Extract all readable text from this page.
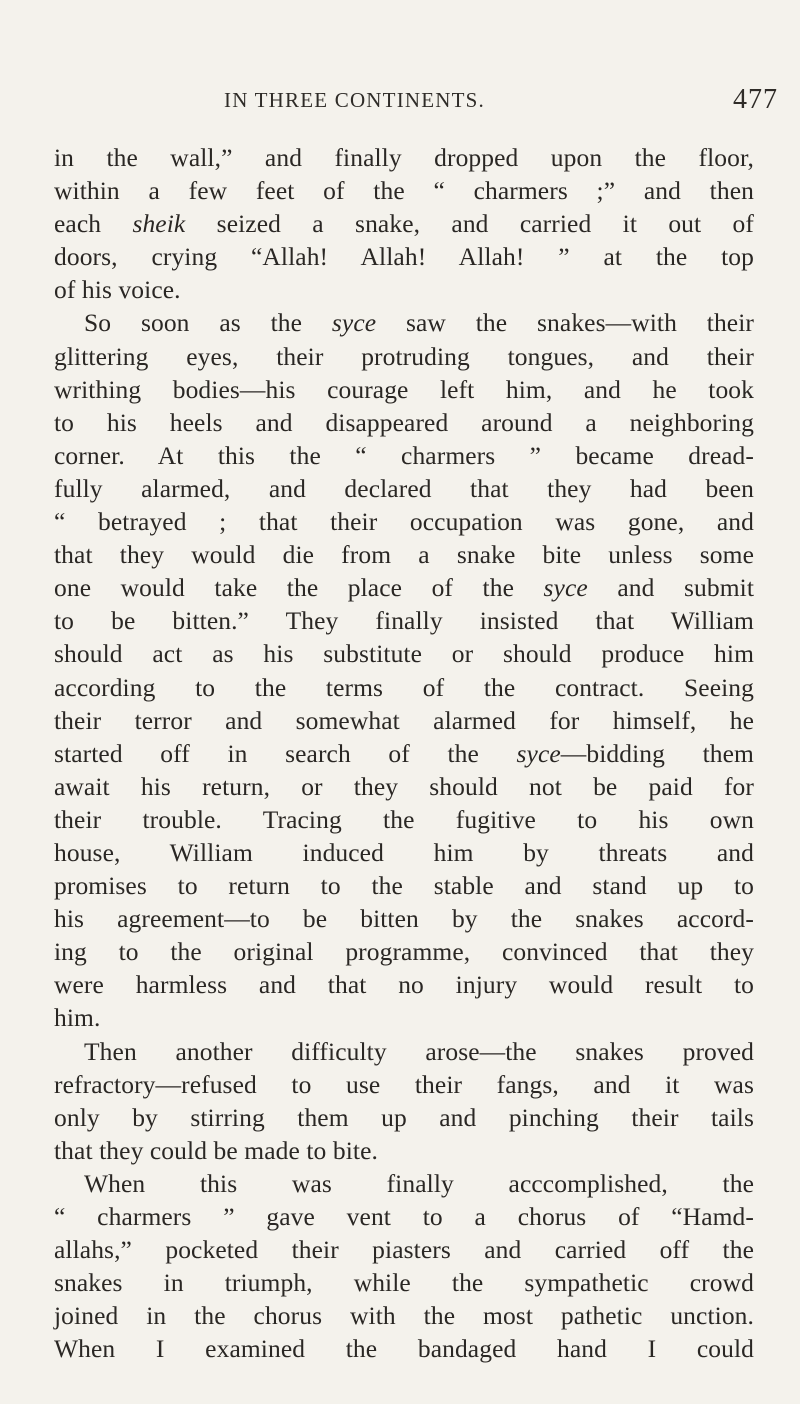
IN THREE CONTINENTS.	477
in the wall,” and finally dropped upon the floor,
within a few feet of the “ charmers ;” and then
each sheik seized a snake, and carried it out of
doors, crying “Allah! Allah! Allah! ” at the top
of his voice.
So soon as the syce saw the snakes—with their
glittering eyes, their protruding tongues, and their
writhing bodies—his courage left him, and he took
to his heels and disappeared around a neighboring
corner. At this the “ charmers ” became dread-
fully alarmed, and declared that they had been
“ betrayed ; that their occupation was gone, and
that they would die from a snake bite unless some
one would take the place of the syce and submit
to be bitten.” They finally insisted that William
should act as his substitute or should produce him
according to the terms of the contract. Seeing
their terror and somewhat alarmed for himself, he
started off in search of the syce—bidding them
await his return, or they should not be paid for
their trouble. Tracing the fugitive to his own
house, William induced him by threats and
promises to return to the stable and stand up to
his agreement—to be bitten by the snakes accord-
ing to the original programme, convinced that they
were harmless and that no injury would result to
him.
Then another difficulty arose—the snakes proved
refractory—refused to use their fangs, and it was
only by stirring them up and pinching their tails
that they could be made to bite.
When this was finally acccomplished, the
“ charmers ” gave vent to a chorus of “Hamd-
allahs,” pocketed their piasters and carried off the
snakes in triumph, while the sympathetic crowd
joined in the chorus with the most pathetic unction.
When I examined the bandaged hand I could
